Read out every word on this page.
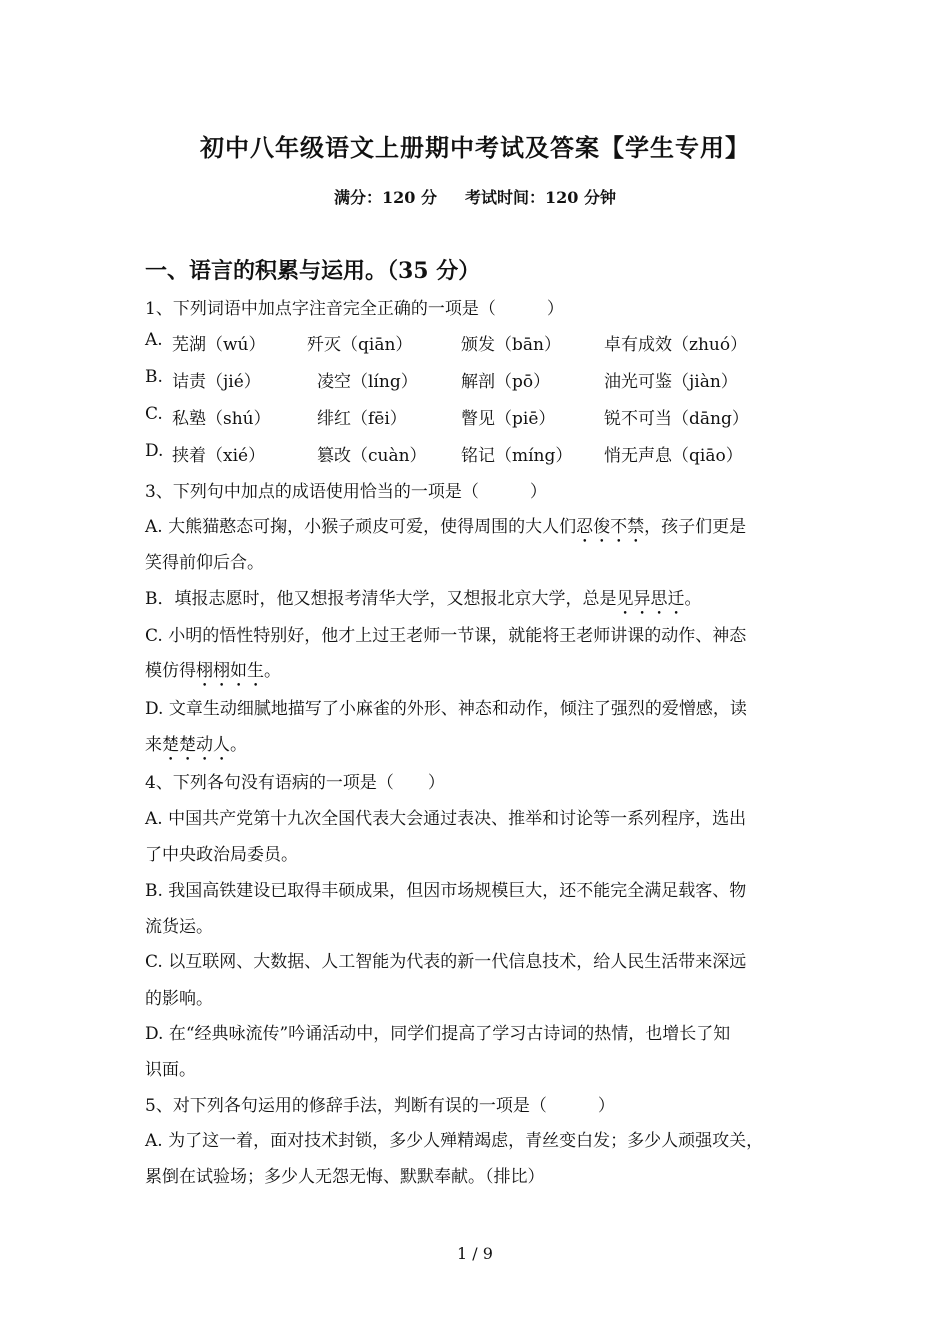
初中八年级语文上册期中考试及答案【学生专用】
满分：120 分 考试时间：120 分钟
一、语言的积累与运用。（35 分）
1、下列词语中加点字注音完全正确的一项是（　　　）
A. 芜湖（wú） 歼灭（qiān）	颁发（bān）	卓有成效（zhuó）
B. 诘责（jié）	凌空（líng）	解剖（pō）	油光可鉴（jiàn）
C. 私塾（shú）	绯红（fēi）	瞥见（piē）	锐不可当（dāng）
D. 挟着（xié）	篡改（cuàn） 铭记（míng） 悄无声息（qiāo）
3、下列句中加点的成语使用恰当的一项是（　　　）
A. 大熊猫憨态可掬，小猴子顽皮可爱，使得周围的大人们忍俊不禁，孩子们更是
笑得前仰后合。
B．填报志愿时，他又想报考清华大学，又想报北京大学，总是见异思迁。
C. 小明的悟性特别好，他才上过王老师一节课，就能将王老师讲课的动作、神态
模仿得栩栩如生。
D. 文章生动细腻地描写了小麻雀的外形、神态和动作，倾注了强烈的爱憎感，读
来楚楚动人。
4、下列各句没有语病的一项是（　　）
A. 中国共产党第十九次全国代表大会通过表决、推举和讨论等一系列程序，选出
了中央政治局委员。
B. 我国高铁建设已取得丰硕成果，但因市场规模巨大，还不能完全满足载客、物
流货运。
C. 以互联网、大数据、人工智能为代表的新一代信息技术，给人民生活带来深远
的影响。
D. 在“经典咏流传”吟诵活动中，同学们提高了学习古诗词的热情，也增长了知
识面。
5、对下列各句运用的修辞手法，判断有误的一项是（　　　）
A. 为了这一着，面对技术封锁，多少人殚精竭虑，青丝变白发；多少人顽强攻关，
累倒在试验场；多少人无怨无悔、默默奉献。（排比）
1 / 9
